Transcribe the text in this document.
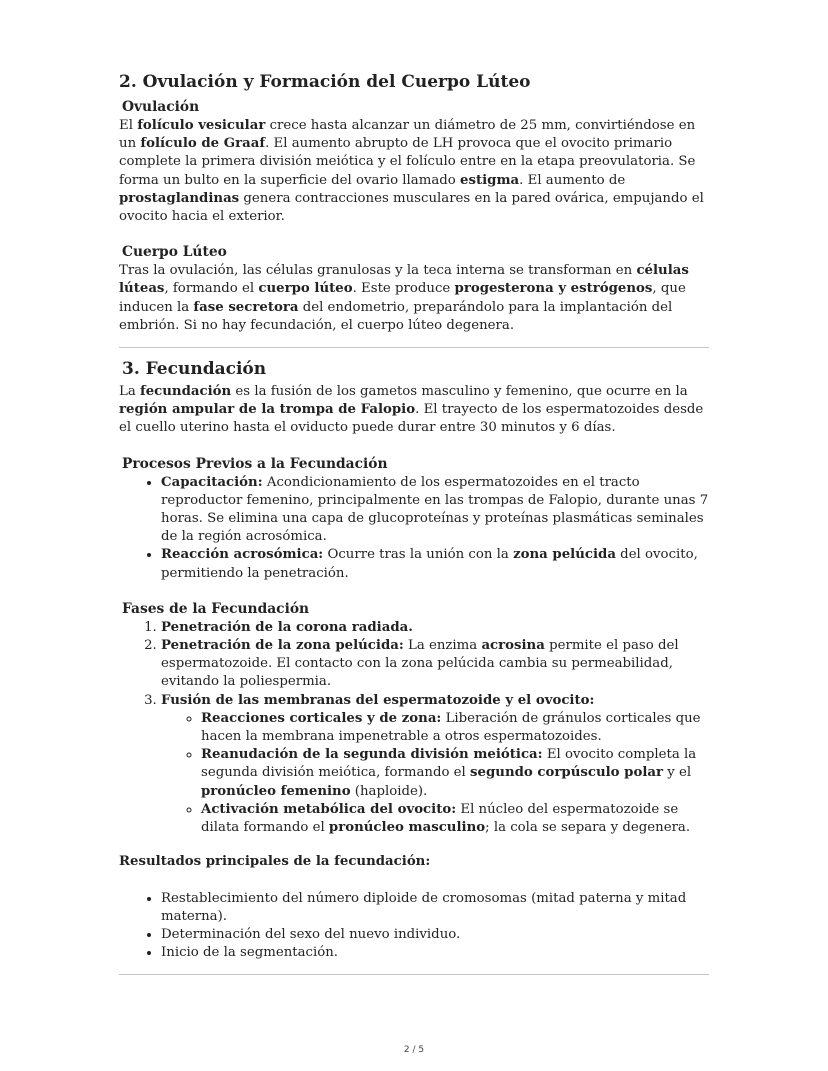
2. Ovulación y Formación del Cuerpo Lúteo
Ovulación

El folículo vesicular crece hasta alcanzar un diámetro de 25 mm, convirtiéndose en un folículo de Graaf. El aumento abrupto de LH provoca que el ovocito primario complete la primera división meiótica y el folículo entre en la etapa preovulatoria. Se forma un bulto en la superficie del ovario llamado estigma. El aumento de prostaglandinas genera contracciones musculares en la pared ovárica, empujando el ovocito hacia el exterior.

Cuerpo Lúteo

Tras la ovulación, las células granulosas y la teca interna se transforman en células lúteas, formando el cuerpo lúteo. Este produce progesterona y estrógenos, que inducen la fase secretora del endometrio, preparándolo para la implantación del embrión. Si no hay fecundación, el cuerpo lúteo degenera.

3. Fecundación

La fecundación es la fusión de los gametos masculino y femenino, que ocurre en la región ampular de la trompa de Falopio. El trayecto de los espermatozoides desde el cuello uterino hasta el oviducto puede durar entre 30 minutos y 6 días.

Procesos Previos a la Fecundación
• Capacitación: Acondicionamiento de los espermatozoides en el tracto reproductor femenino, principalmente en las trompas de Falopio, durante unas 7 horas. Se elimina una capa de glucoproteínas y proteínas plasmáticas seminales de la región acrosómica.
• Reacción acrosómica: Ocurre tras la unión con la zona pelúcida del ovocito, permitiendo la penetración.
Fases de la Fecundación
1. Penetración de la corona radiada.
2. Penetración de la zona pelúcida: La enzima acrosina permite el paso del espermatozoide. El contacto con la zona pelúcida cambia su permeabilidad, evitando la poliespermia.
3. Fusión de las membranas del espermatozoide y el ovocito:
◦ Reacciones corticales y de zona: Liberación de gránulos corticales que hacen la membrana impenetrable a otros espermatozoides.
◦ Reanudación de la segunda división meiótica: El ovocito completa la segunda división meiótica, formando el segundo corpúsculo polar y el pronúcleo femenino (haploide).
◦ Activación metabólica del ovocito: El núcleo del espermatozoide se dilata formando el pronúcleo masculino; la cola se separa y degenera.

Resultados principales de la fecundación:

• Restablecimiento del número diploide de cromosomas (mitad paterna y mitad materna).
• Determinación del sexo del nuevo individuo.
• Inicio de la segmentación.
2 / 5
